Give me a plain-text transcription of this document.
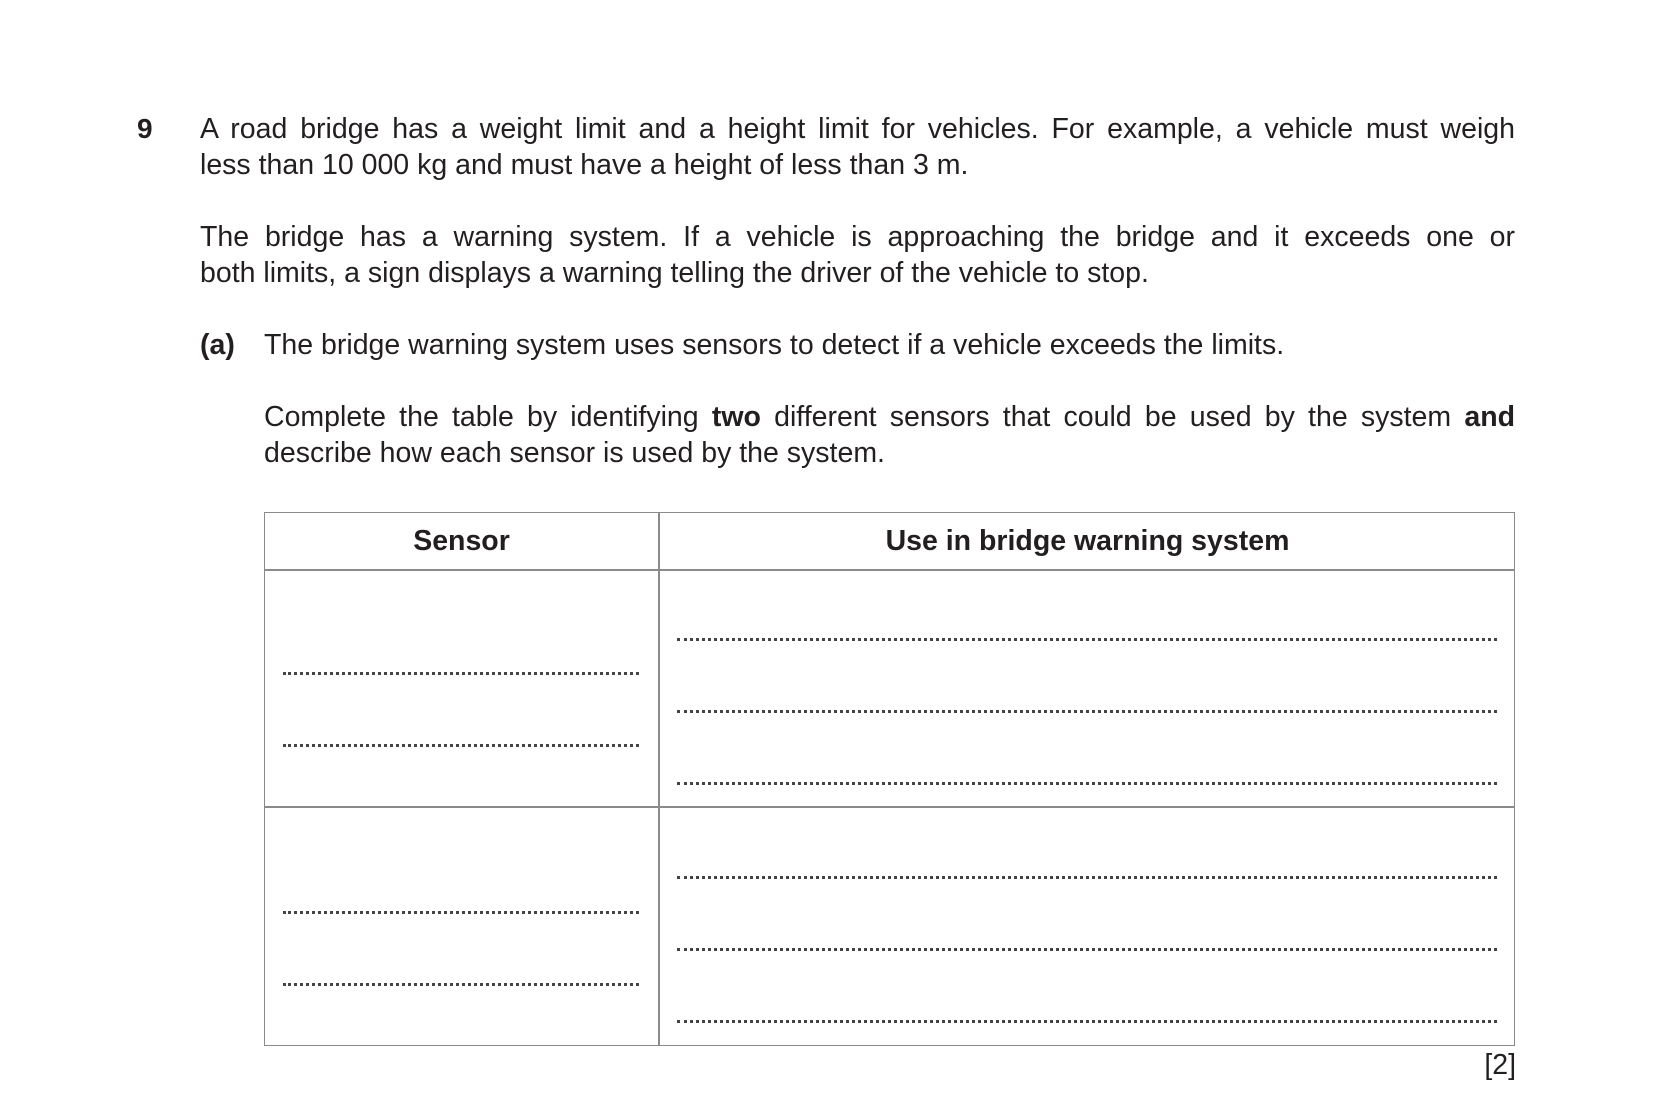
9 A road bridge has a weight limit and a height limit for vehicles. For example, a vehicle must weigh
less than 10 000 kg and must have a height of less than 3 m.
The bridge has a warning system. If a vehicle is approaching the bridge and it exceeds one or
both limits, a sign displays a warning telling the driver of the vehicle to stop.
(a) The bridge warning system uses sensors to detect if a vehicle exceeds the limits.
Complete the table by identifying two different sensors that could be used by the system and
describe how each sensor is used by the system.
Sensor	Use in bridge warning system
[2]
